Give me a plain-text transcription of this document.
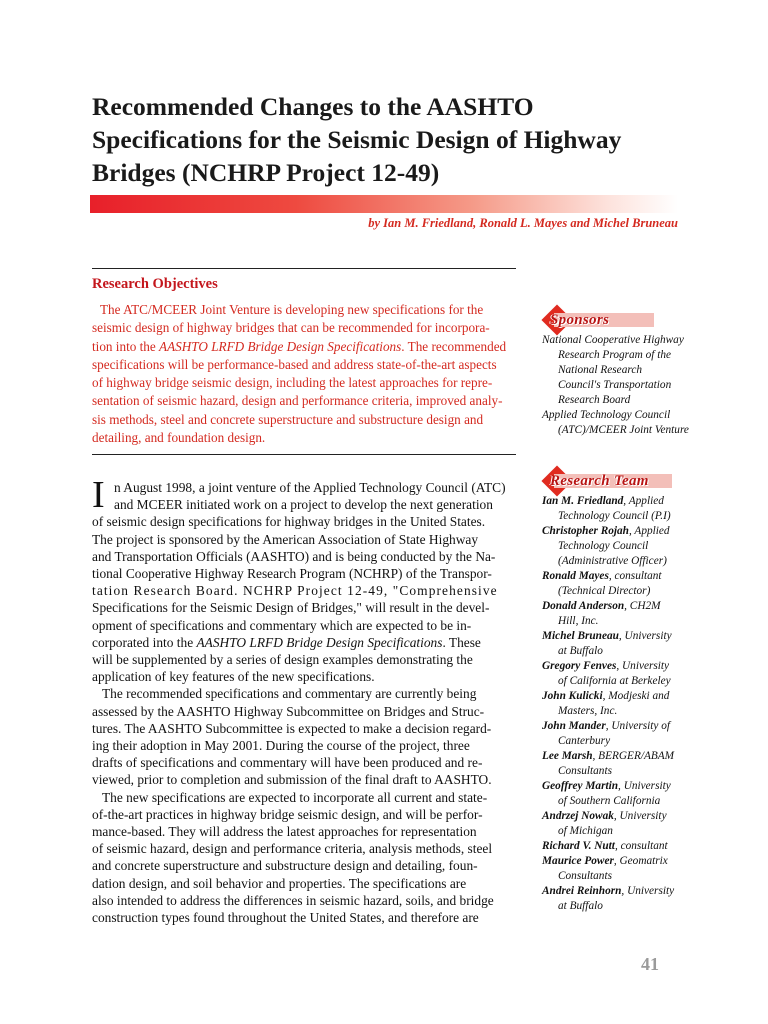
Recommended Changes to the AASHTO
Specifications for the Seismic Design of Highway
Bridges (NCHRP Project 12-49)
by Ian M. Friedland, Ronald L. Mayes and Michel Bruneau
Research Objectives
The ATC/MCEER Joint Venture is developing new specifications for the
seismic design of highway bridges that can be recommended for incorpora-
tion into the AASHTO LRFD Bridge Design Specifications. The recommended
specifications will be performance-based and address state-of-the-art aspects
of highway bridge seismic design, including the latest approaches for repre-
sentation of seismic hazard, design and performance criteria, improved analy-
sis methods, steel and concrete superstructure and substructure design and
detailing, and foundation design.
I n August 1998, a joint venture of the Applied Technology Council (ATC)
and MCEER initiated work on a project to develop the next generation
of seismic design specifications for highway bridges in the United States.
The project is sponsored by the American Association of State Highway
and Transportation Officials (AASHTO) and is being conducted by the Na-
tional Cooperative Highway Research Program (NCHRP) of the Transpor-
tation Research Board. NCHRP Project 12-49, "Comprehensive
Specifications for the Seismic Design of Bridges," will result in the devel-
opment of specifications and commentary which are expected to be in-
corporated into the AASHTO LRFD Bridge Design Specifications. These
will be supplemented by a series of design examples demonstrating the
application of key features of the new specifications.
The recommended specifications and commentary are currently being
assessed by the AASHTO Highway Subcommittee on Bridges and Struc-
tures. The AASHTO Subcommittee is expected to make a decision regard-
ing their adoption in May 2001. During the course of the project, three
drafts of specifications and commentary will have been produced and re-
viewed, prior to completion and submission of the final draft to AASHTO.
The new specifications are expected to incorporate all current and state-
of-the-art practices in highway bridge seismic design, and will be perfor-
mance-based. They will address the latest approaches for representation
of seismic hazard, design and performance criteria, analysis methods, steel
and concrete superstructure and substructure design and detailing, foun-
dation design, and soil behavior and properties. The specifications are
also intended to address the differences in seismic hazard, soils, and bridge
construction types found throughout the United States, and therefore are
Sponsors
National Cooperative Highway
Research Program of the
National Research
Council's Transportation
Research Board
Applied Technology Council
(ATC)/MCEER Joint Venture
Research Team
Ian M. Friedland, Applied
Technology Council (P.I)
Christopher Rojah, Applied
Technology Council
(Administrative Officer)
Ronald Mayes, consultant
(Technical Director)
Donald Anderson, CH2M
Hill, Inc.
Michel Bruneau, University
at Buffalo
Gregory Fenves, University
of California at Berkeley
John Kulicki, Modjeski and
Masters, Inc.
John Mander, University of
Canterbury
Lee Marsh, BERGER/ABAM
Consultants
Geoffrey Martin, University
of Southern California
Andrzej Nowak, University
of Michigan
Richard V. Nutt, consultant
Maurice Power, Geomatrix
Consultants
Andrei Reinhorn, University
at Buffalo
41
